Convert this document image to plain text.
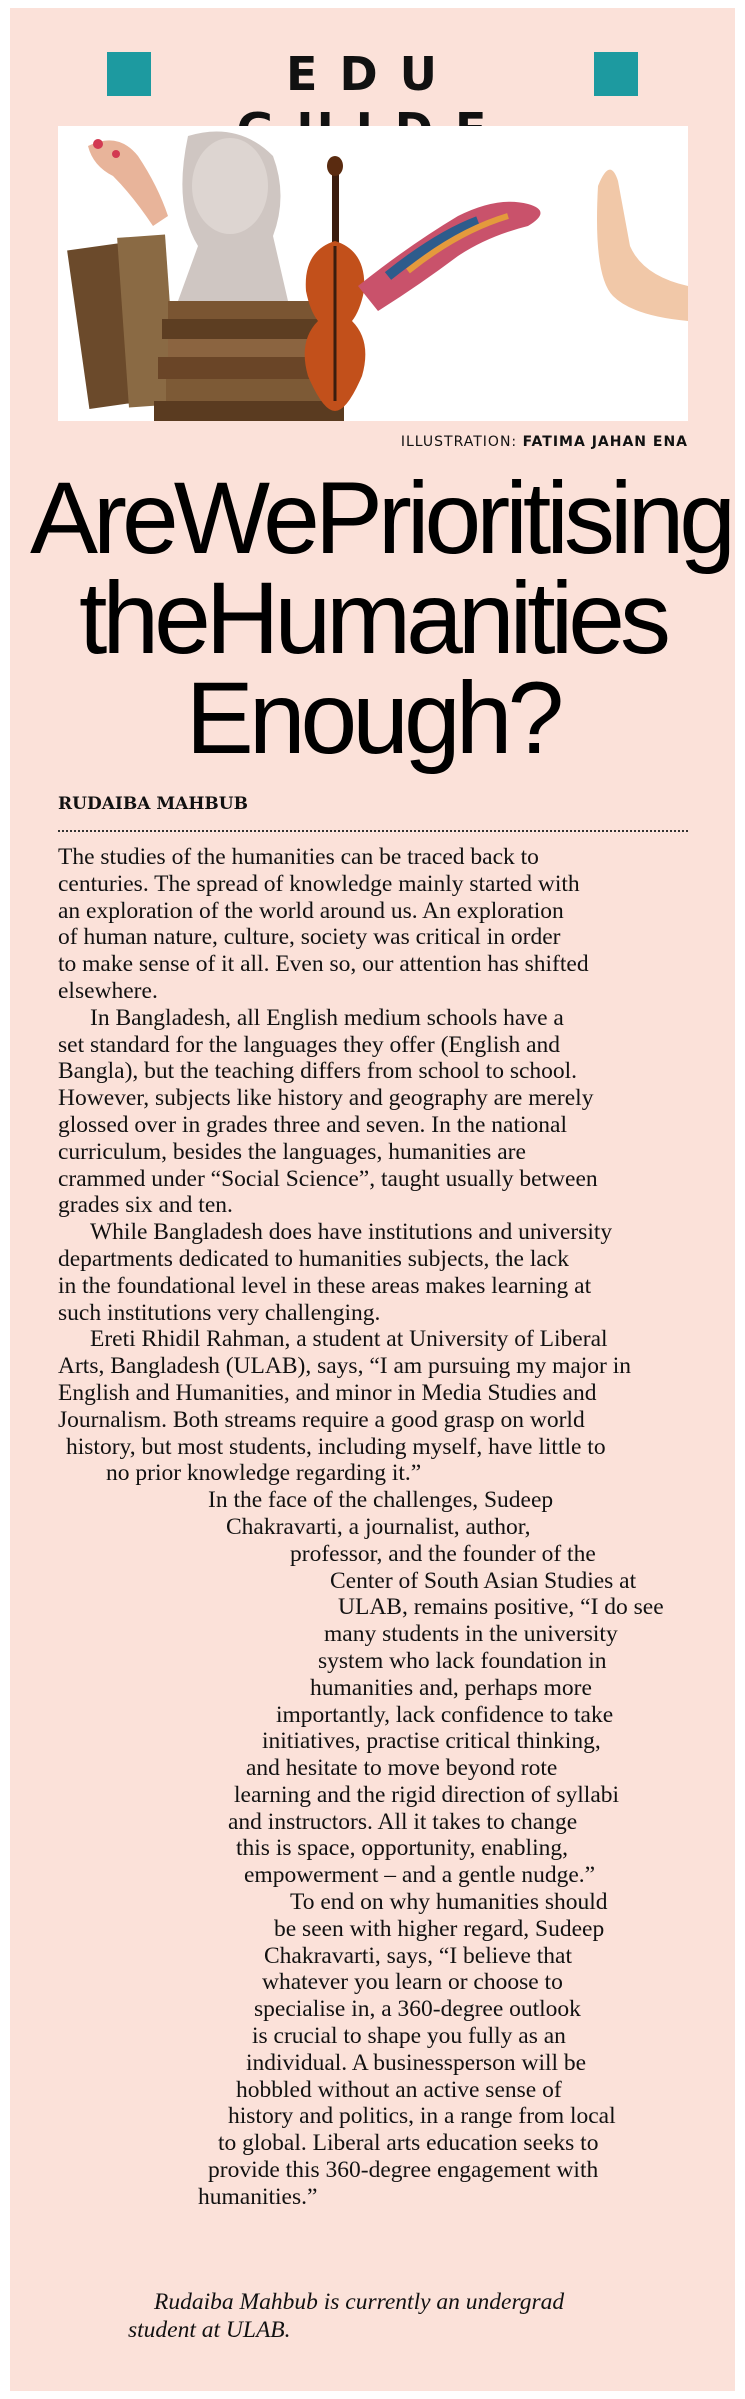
EDU
ILLUSTRATION: FATIMA JAHAN ENA
AreWePrioritising
theHumanities
Enough?
RUDAIBA MAHBUB
The studies of the humanities can be traced back to
centuries. The spread of knowledge mainly started with
an exploration of the world around us. An exploration
of human nature, culture, society was critical in order
to make sense of it all. Even so, our attention has shifted
elsewhere.
In Bangladesh, all English medium schools have a
set standard for the languages they offer (English and
Bangla), but the teaching differs from school to school.
However, subjects like history and geography are merely
glossed over in grades three and seven. In the national
curriculum, besides the languages, humanities are
crammed under “Social Science”, taught usually between
grades six and ten.
While Bangladesh does have institutions and university
departments dedicated to humanities subjects, the lack
in the foundational level in these areas makes learning at
such institutions very challenging.
Ereti Rhidil Rahman, a student at University of Liberal
Arts, Bangladesh (ULAB), says, “I am pursuing my major in
English and Humanities, and minor in Media Studies and
Journalism. Both streams require a good grasp on world
history, but most students, including myself, have little to
no prior knowledge regarding it.”
In the face of the challenges, Sudeep
Chakravarti, a journalist, author,
professor, and the founder of the
Center of South Asian Studies at
ULAB, remains positive, “I do see
many students in the university
system who lack foundation in
humanities and, perhaps more
importantly, lack confidence to take
initiatives, practise critical thinking,
and hesitate to move beyond rote
learning and the rigid direction of syllabi
and instructors. All it takes to change
this is space, opportunity, enabling,
empowerment – and a gentle nudge.”
To end on why humanities should
be seen with higher regard, Sudeep
Chakravarti, says, “I believe that
whatever you learn or choose to
specialise in, a 360-degree outlook
is crucial to shape you fully as an
individual. A businessperson will be
hobbled without an active sense of
history and politics, in a range from local
to global. Liberal arts education seeks to
provide this 360-degree engagement with
humanities.”
Rudaiba Mahbub is currently an undergrad
student at ULAB.
